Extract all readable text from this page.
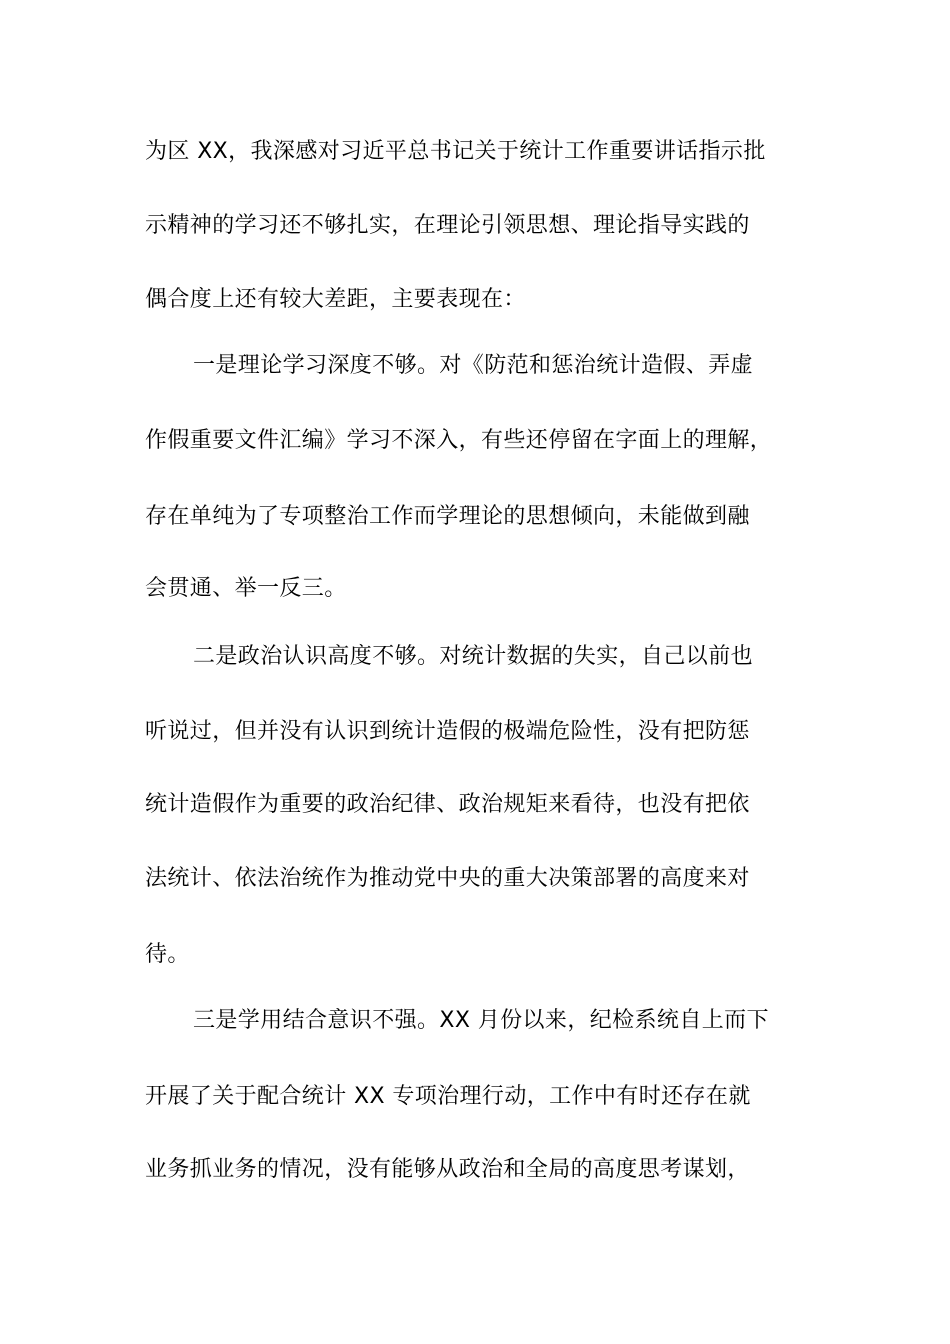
为区 XX，我深感对习近平总书记关于统计工作重要讲话指示批
示精神的学习还不够扎实，在理论引领思想、理论指导实践的
偶合度上还有较大差距，主要表现在：
一是理论学习深度不够。对《防范和惩治统计造假、弄虚
作假重要文件汇编》学习不深入，有些还停留在字面上的理解，
存在单纯为了专项整治工作而学理论的思想倾向，未能做到融
会贯通、举一反三。
二是政治认识高度不够。对统计数据的失实，自己以前也
听说过，但并没有认识到统计造假的极端危险性，没有把防惩
统计造假作为重要的政治纪律、政治规矩来看待，也没有把依
法统计、依法治统作为推动党中央的重大决策部署的高度来对
待。
三是学用结合意识不强。XX 月份以来，纪检系统自上而下
开展了关于配合统计 XX 专项治理行动，工作中有时还存在就
业务抓业务的情况，没有能够从政治和全局的高度思考谋划，
